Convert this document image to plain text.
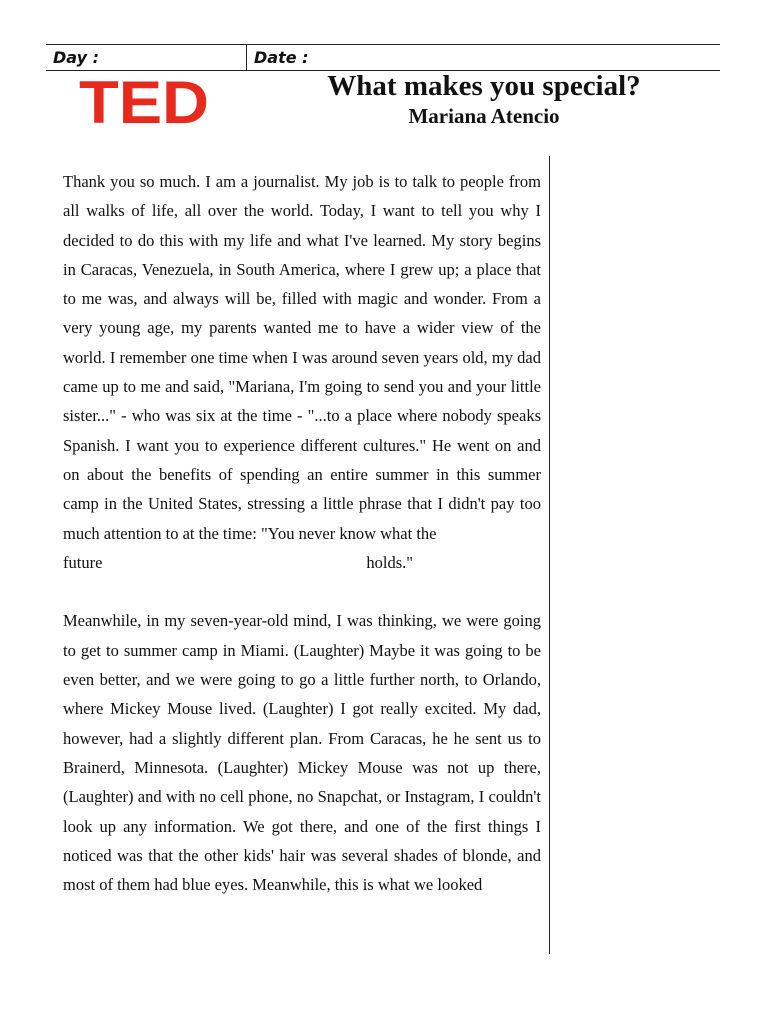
Day :	Date :
TED	What makes you special?
Mariana Atencio

Thank you so much. I am a journalist. My job is to talk to people from all walks of life, all over the world. Today, I want to tell you why I decided to do this with my life and what I've learned. My story begins in Caracas, Venezuela, in South America, where I grew up; a place that to me was, and always will be, filled with magic and wonder. From a very young age, my parents wanted me to have a wider view of the world. I remember one time when I was around seven years old, my dad came up to me and said, "Mariana, I'm going to send you and your little sister..." - who was six at the time - "...to a place where nobody speaks Spanish. I want you to experience different cultures." He went on and on about the benefits of spending an entire summer in this summer camp in the United States, stressing a little phrase that I didn't pay too much attention to at the time: "You never know what the
future	holds."

Meanwhile, in my seven-year-old mind, I was thinking, we were going to get to summer camp in Miami. (Laughter) Maybe it was going to be even better, and we were going to go a little further north, to Orlando, where Mickey Mouse lived. (Laughter) I got really excited. My dad, however, had a slightly different plan. From Caracas, he he sent us to Brainerd, Minnesota. (Laughter) Mickey Mouse was not up there, (Laughter) and with no cell phone, no Snapchat, or Instagram, I couldn't look up any information. We got there, and one of the first things I noticed was that the other kids' hair was several shades of blonde, and most of them had blue eyes. Meanwhile, this is what we looked
